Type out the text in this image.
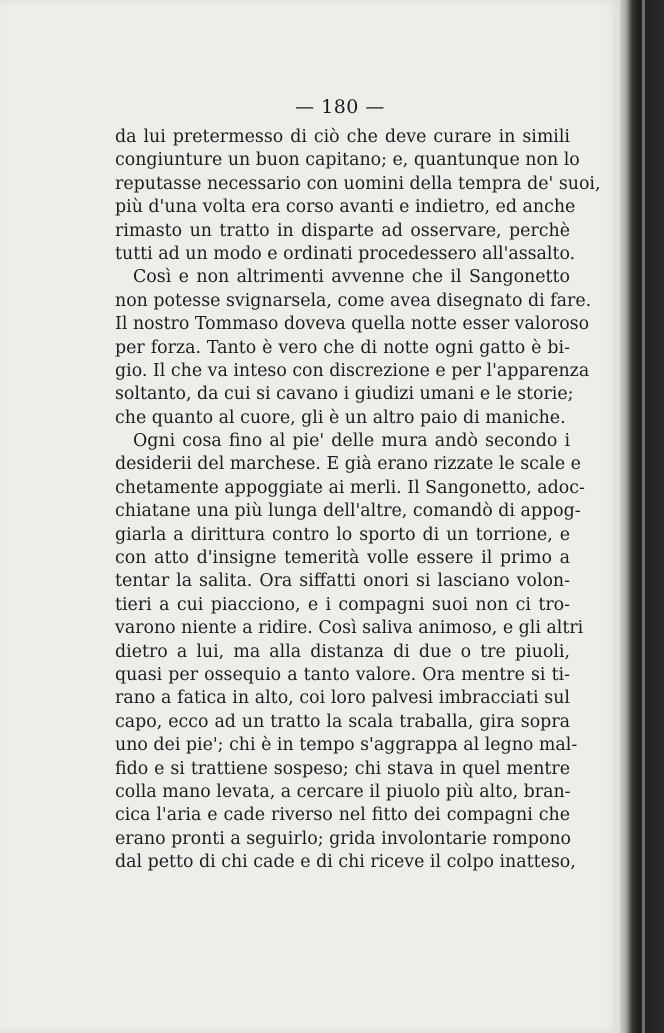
— 180 —
da lui pretermesso di ciò che deve curare in simili
congiunture un buon capitano; e, quantunque non lo
reputasse necessario con uomini della tempra de' suoi,
più d'una volta era corso avanti e indietro, ed anche
rimasto un tratto in disparte ad osservare, perchè
tutti ad un modo e ordinati procedessero all'assalto.
Così e non altrimenti avvenne che il Sangonetto
non potesse svignarsela, come avea disegnato di fare.
Il nostro Tommaso doveva quella notte esser valoroso
per forza. Tanto è vero che di notte ogni gatto è bi-
gio. Il che va inteso con discrezione e per l'apparenza
soltanto, da cui si cavano i giudizi umani e le storie;
che quanto al cuore, gli è un altro paio di maniche.
Ogni cosa fino al pie' delle mura andò secondo i
desiderii del marchese. E già erano rizzate le scale e
chetamente appoggiate ai merli. Il Sangonetto, adoc-
chiatane una più lunga dell'altre, comandò di appog-
giarla a dirittura contro lo sporto di un torrione, e
con atto d'insigne temerità volle essere il primo a
tentar la salita. Ora siffatti onori si lasciano volon-
tieri a cui piacciono, e i compagni suoi non ci tro-
varono niente a ridire. Così saliva animoso, e gli altri
dietro a lui, ma alla distanza di due o tre piuoli,
quasi per ossequio a tanto valore. Ora mentre si ti-
rano a fatica in alto, coi loro palvesi imbracciati sul
capo, ecco ad un tratto la scala traballa, gira sopra
uno dei pie'; chi è in tempo s'aggrappa al legno mal-
fido e si trattiene sospeso; chi stava in quel mentre
colla mano levata, a cercare il piuolo più alto, bran-
cica l'aria e cade riverso nel fitto dei compagni che
erano pronti a seguirlo; grida involontarie rompono
dal petto di chi cade e di chi riceve il colpo inatteso,
